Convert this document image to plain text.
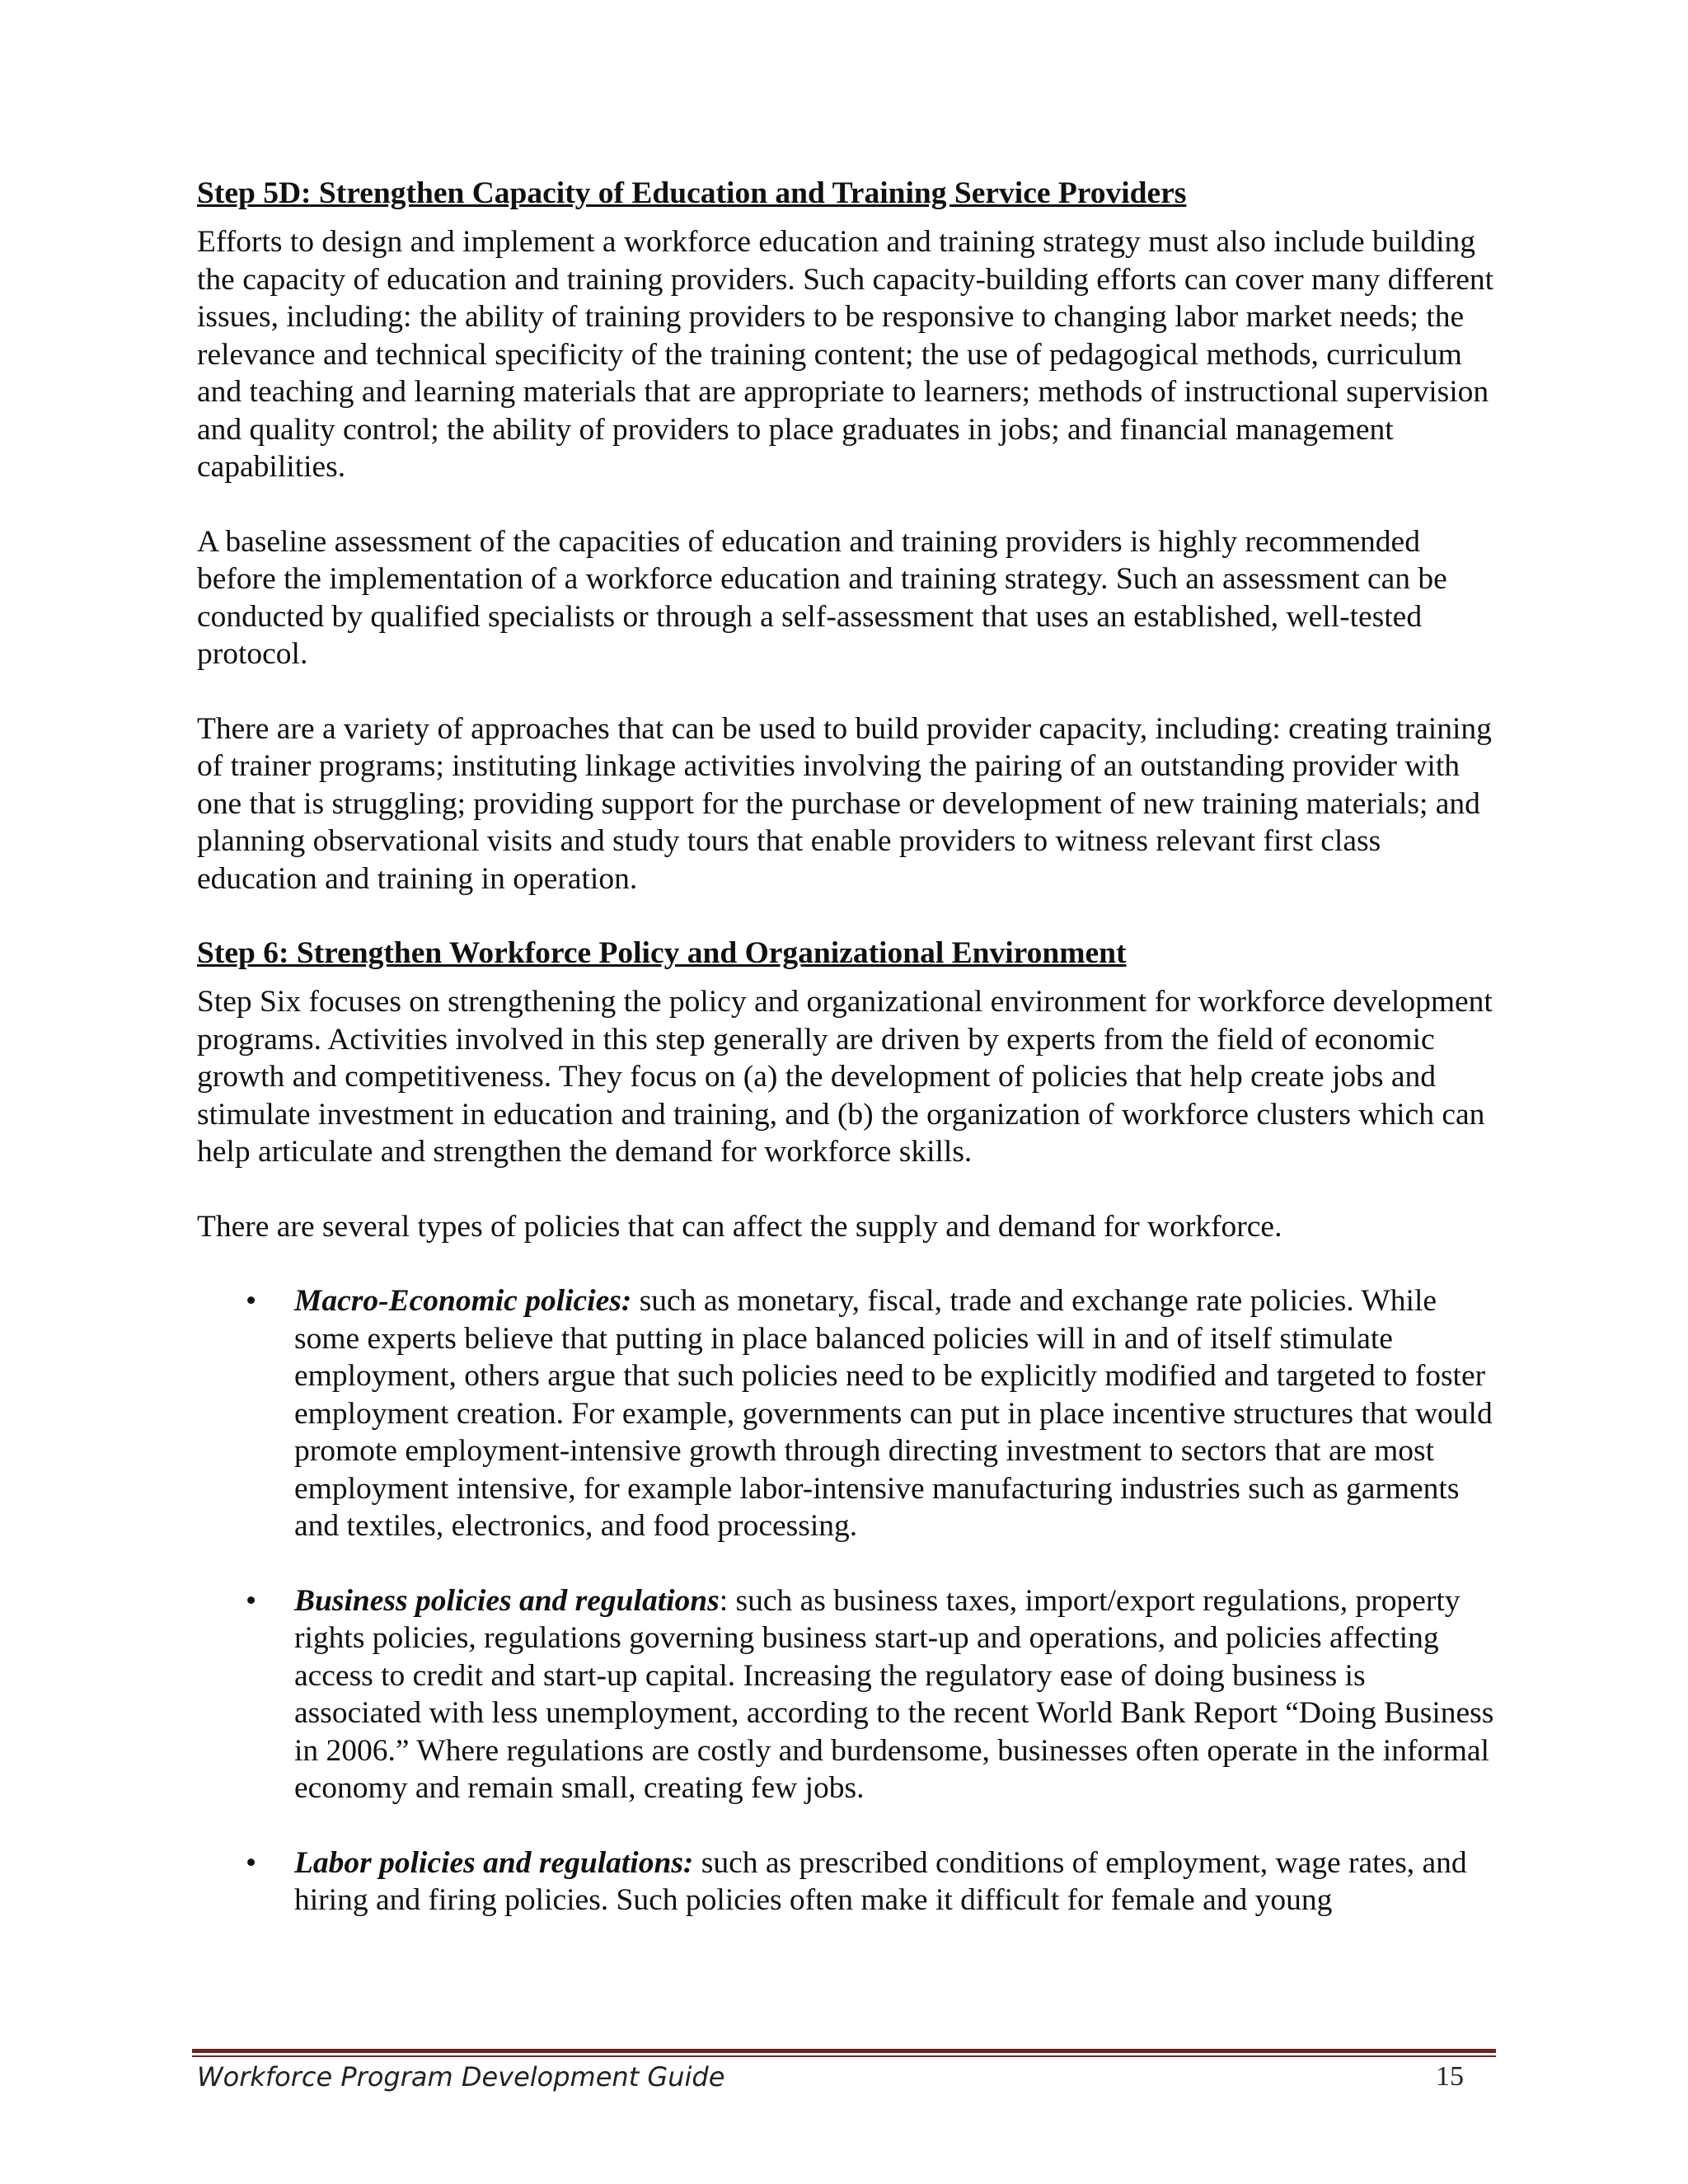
Step 5D: Strengthen Capacity of Education and Training Service Providers

Efforts to design and implement a workforce education and training strategy must also include building the capacity of education and training providers. Such capacity-building efforts can cover many different issues, including: the ability of training providers to be responsive to changing labor market needs; the relevance and technical specificity of the training content; the use of pedagogical methods, curriculum and teaching and learning materials that are appropriate to learners; methods of instructional supervision and quality control; the ability of providers to place graduates in jobs; and financial management capabilities.

A baseline assessment of the capacities of education and training providers is highly recommended before the implementation of a workforce education and training strategy. Such an assessment can be conducted by qualified specialists or through a self-assessment that uses an established, well-tested protocol.

There are a variety of approaches that can be used to build provider capacity, including: creating training of trainer programs; instituting linkage activities involving the pairing of an outstanding provider with one that is struggling; providing support for the purchase or development of new training materials; and planning observational visits and study tours that enable providers to witness relevant first class education and training in operation.

Step 6: Strengthen Workforce Policy and Organizational Environment

Step Six focuses on strengthening the policy and organizational environment for workforce development programs. Activities involved in this step generally are driven by experts from the field of economic growth and competitiveness. They focus on (a) the development of policies that help create jobs and stimulate investment in education and training, and (b) the organization of workforce clusters which can help articulate and strengthen the demand for workforce skills.

There are several types of policies that can affect the supply and demand for workforce.

• Macro-Economic policies: such as monetary, fiscal, trade and exchange rate policies. While some experts believe that putting in place balanced policies will in and of itself stimulate employment, others argue that such policies need to be explicitly modified and targeted to foster employment creation. For example, governments can put in place incentive structures that would promote employment-intensive growth through directing investment to sectors that are most employment intensive, for example labor-intensive manufacturing industries such as garments and textiles, electronics, and food processing.
• Business policies and regulations: such as business taxes, import/export regulations, property rights policies, regulations governing business start-up and operations, and policies affecting access to credit and start-up capital. Increasing the regulatory ease of doing business is associated with less unemployment, according to the recent World Bank Report “Doing Business in 2006.” Where regulations are costly and burdensome, businesses often operate in the informal economy and remain small, creating few jobs.
• Labor policies and regulations: such as prescribed conditions of employment, wage rates, and hiring and firing policies. Such policies often make it difficult for female and young
Workforce Program Development Guide	15
